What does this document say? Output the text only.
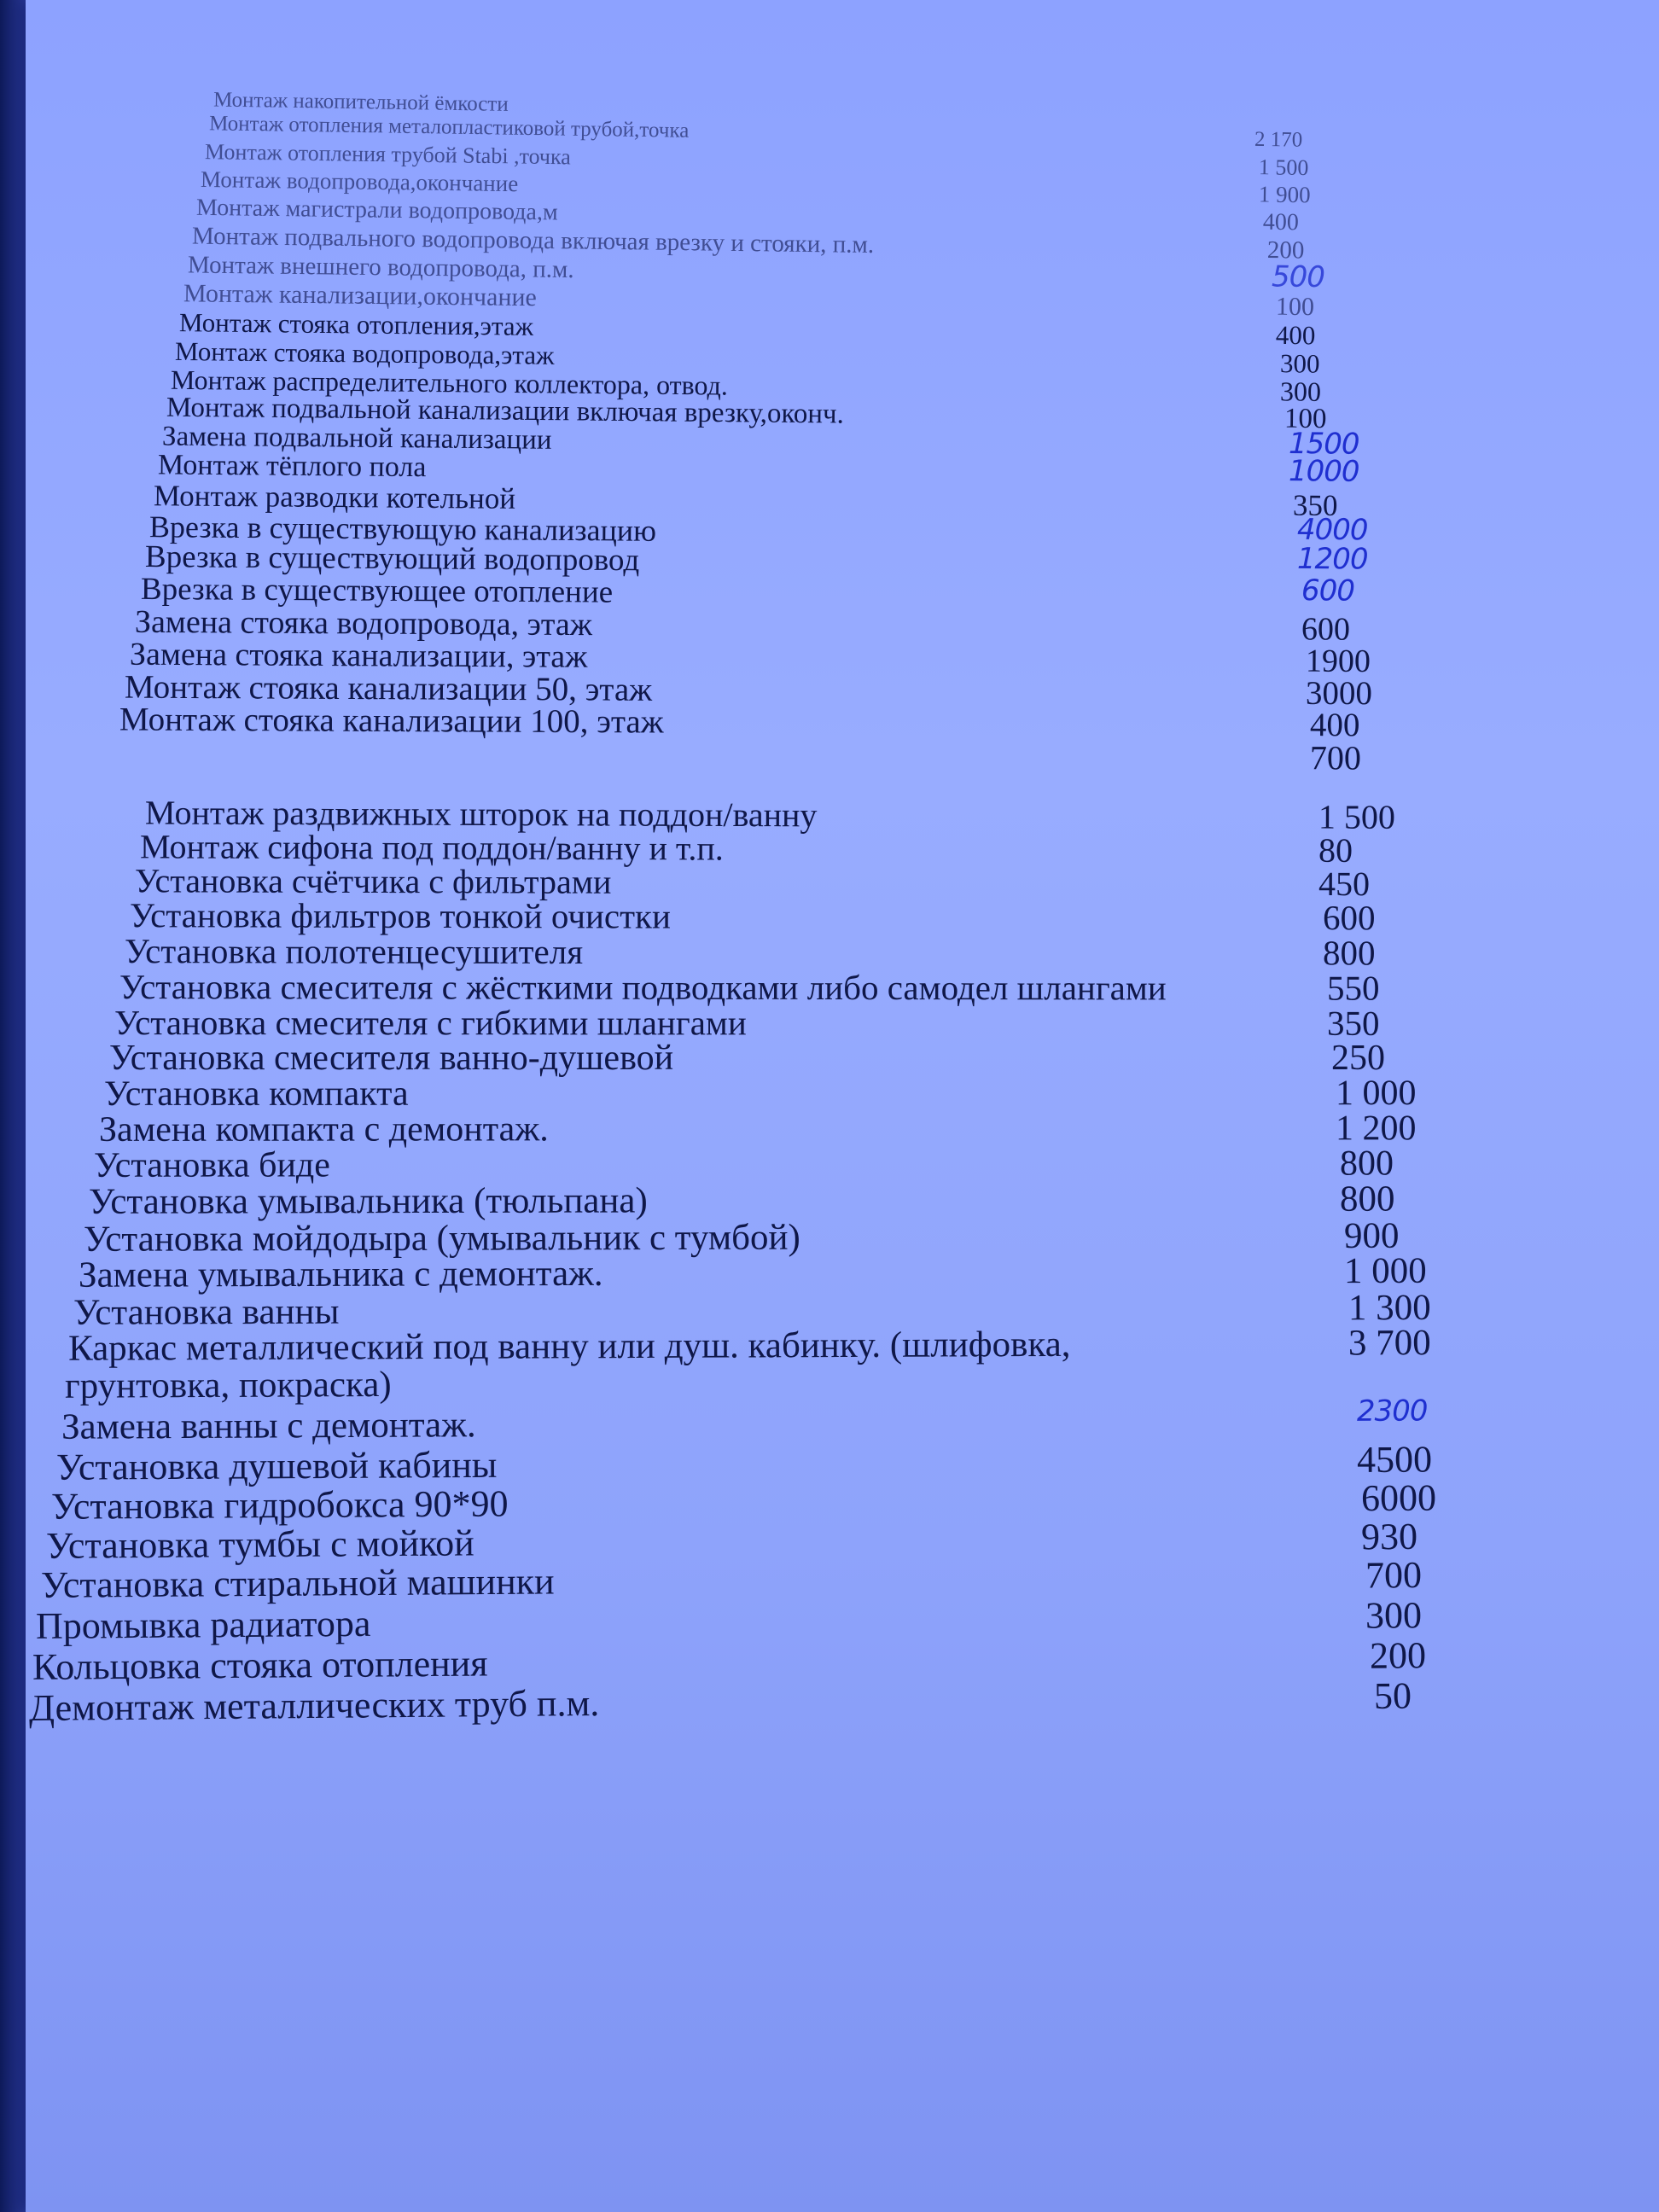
Монтаж накопительной ёмкости
Монтаж отопления металопластиковой трубой,точка	2 170
Монтаж отопления трубой Stabi ,точка	1 500
Монтаж водопровода,окончание	1 900
Монтаж магистрали водопровода,м	400
Монтаж подвального водопровода включая врезку и стояки, п.м.	200
Монтаж внешнего водопровода, п.м.	500
Монтаж канализации,окончание	100
Монтаж стояка отопления,этаж	400
Монтаж стояка водопровода,этаж	300
Монтаж распределительного коллектора, отвод.	300
Монтаж подвальной канализации включая врезку,оконч.	100
Замена подвальной канализации	1500
Монтаж тёплого пола	1000
Монтаж разводки котельной	350
Врезка в существующую канализацию	4000
Врезка в существующий водопровод	1200
Врезка в существующее отопление	600
Замена стояка водопровода, этаж	600
Замена стояка канализации, этаж	1900
Монтаж стояка канализации 50, этаж	3000
Монтаж стояка канализации 100, этаж	400
700
Монтаж раздвижных шторок на поддон/ванну	1 500
Монтаж сифона под поддон/ванну и т.п.	80
Установка счётчика с фильтрами	450
Установка фильтров тонкой очистки	600
Установка полотенцесушителя	800
Установка смесителя с жёсткими подводками либо самодел шлангами	550
Установка смесителя с гибкими шлангами	350
Установка смесителя ванно-душевой	250
Установка компакта	1 000
Замена компакта с демонтаж.	1 200
Установка биде	800
Установка умывальника (тюльпана)	800
Установка мойдодыра (умывальник с тумбой)	900
Замена умывальника с демонтаж.	1 000
Установка ванны	1 300
Каркас металлический под ванну или душ. кабинку. (шлифовка,	3 700
грунтовка, покраска)
Замена ванны с демонтаж.	2300
Установка душевой кабины	4500
Установка гидробокса 90*90	6000
Установка тумбы с мойкой	930
Установка стиральной машинки	700
Промывка радиатора	300
Кольцовка стояка отопления	200
Демонтаж металлических труб п.м.	50
